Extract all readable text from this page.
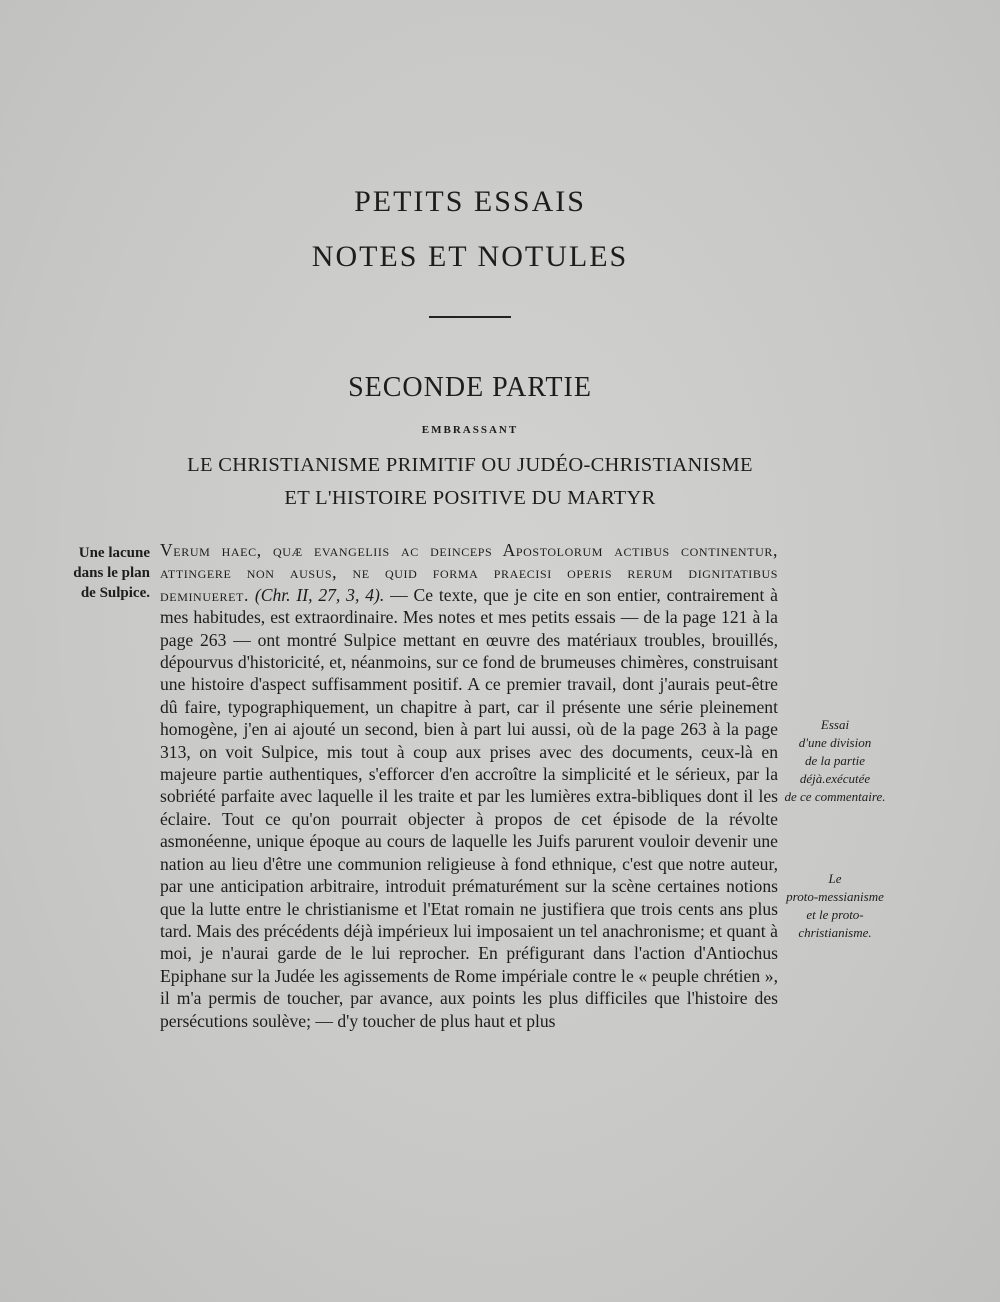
PETITS ESSAIS
NOTES ET NOTULES
SECONDE PARTIE
EMBRASSANT
LE CHRISTIANISME PRIMITIF OU JUDÉO-CHRISTIANISME
ET L'HISTOIRE POSITIVE DU MARTYR
Une lacune
dans le plan
de Sulpice.
Essai
d'une division
de la partie
déjà.exécutée
de ce commentaire.
Le
proto-messianisme
et le proto-
christianisme.
Verum haec, quæ evangeliis ac deinceps Apostolorum actibus continentur, attingere non ausus, ne quid forma praecisi operis rerum dignitatibus deminueret. (Chr. II, 27, 3, 4). — Ce texte, que je cite en son entier, contrairement à mes habitudes, est extraordinaire. Mes notes et mes petits essais — de la page 121 à la page 263 — ont montré Sulpice mettant en œuvre des matériaux troubles, brouillés, dépourvus d'historicité, et, néanmoins, sur ce fond de brumeuses chimères, construisant une histoire d'aspect suffisamment positif. A ce premier travail, dont j'aurais peut-être dû faire, typographiquement, un chapitre à part, car il présente une série pleinement homogène, j'en ai ajouté un second, bien à part lui aussi, où de la page 263 à la page 313, on voit Sulpice, mis tout à coup aux prises avec des documents, ceux-là en majeure partie authentiques, s'efforcer d'en accroître la simplicité et le sérieux, par la sobriété parfaite avec laquelle il les traite et par les lumières extra-bibliques dont il les éclaire. Tout ce qu'on pourrait objecter à propos de cet épisode de la révolte asmonéenne, unique époque au cours de laquelle les Juifs parurent vouloir devenir une nation au lieu d'être une communion religieuse à fond ethnique, c'est que notre auteur, par une anticipation arbitraire, introduit prématurément sur la scène certaines notions que la lutte entre le christianisme et l'Etat romain ne justifiera que trois cents ans plus tard. Mais des précédents déjà impérieux lui imposaient un tel anachronisme; et quant à moi, je n'aurai garde de le lui reprocher. En préfigurant dans l'action d'Antiochus Epiphane sur la Judée les agissements de Rome impériale contre le « peuple chrétien », il m'a permis de toucher, par avance, aux points les plus difficiles que l'histoire des persécutions soulève; — d'y toucher de plus haut et plus
